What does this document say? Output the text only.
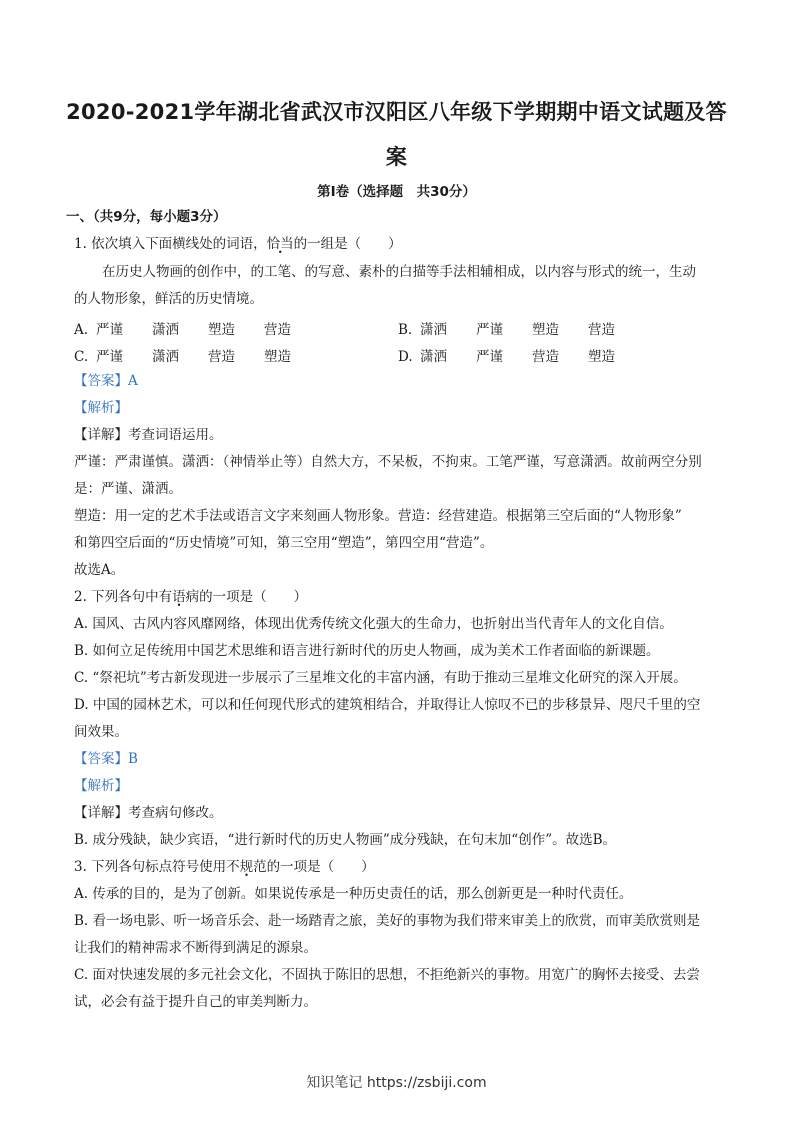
2020-2021学年湖北省武汉市汉阳区八年级下学期期中语文试题及答
案
第Ⅰ卷（选择题　共30分）
一、（共9分，每小题3分）
1. 依次填入下面横线处的词语，恰当的一组是（　　）
在历史人物画的创作中，的工笔、的写意、素朴的白描等手法相辅相成，以内容与形式的统一，生动
的人物形象，鲜活的历史情境。
A. 严谨 潇洒 塑造 营造	B. 潇洒 严谨 塑造 营造
C. 严谨 潇洒 营造 塑造	D. 潇洒 严谨 营造 塑造
【答案】A
【解析】
【详解】考查词语运用。
严谨：严肃谨慎。潇洒：（神情举止等）自然大方，不呆板，不拘束。工笔严谨，写意潇洒。故前两空分别
是：严谨、潇洒。
塑造：用一定的艺术手法或语言文字来刻画人物形象。营造：经营建造。根据第三空后面的“人物形象”
和第四空后面的“历史情境”可知，第三空用“塑造”，第四空用“营造”。
故选A。
2. 下列各句中有语病的一项是（　　）
A. 国风、古风内容风靡网络，体现出优秀传统文化强大的生命力，也折射出当代青年人的文化自信。
B. 如何立足传统用中国艺术思维和语言进行新时代的历史人物画，成为美术工作者面临的新课题。
C. “祭祀坑”考古新发现进一步展示了三星堆文化的丰富内涵，有助于推动三星堆文化研究的深入开展。
D. 中国的园林艺术，可以和任何现代形式的建筑相结合，并取得让人惊叹不已的步移景异、咫尺千里的空
间效果。
【答案】B
【解析】
【详解】考查病句修改。
B. 成分残缺，缺少宾语，“进行新时代的历史人物画”成分残缺，在句末加“创作”。故选B。
3. 下列各句标点符号使用不规范的一项是（　　）
A. 传承的目的，是为了创新。如果说传承是一种历史责任的话，那么创新更是一种时代责任。
B. 看一场电影、听一场音乐会、赴一场踏青之旅，美好的事物为我们带来审美上的欣赏，而审美欣赏则是
让我们的精神需求不断得到满足的源泉。
C. 面对快速发展的多元社会文化，不固执于陈旧的思想，不拒绝新兴的事物。用宽广的胸怀去接受、去尝
试，必会有益于提升自己的审美判断力。
知识笔记 https://zsbiji.com
